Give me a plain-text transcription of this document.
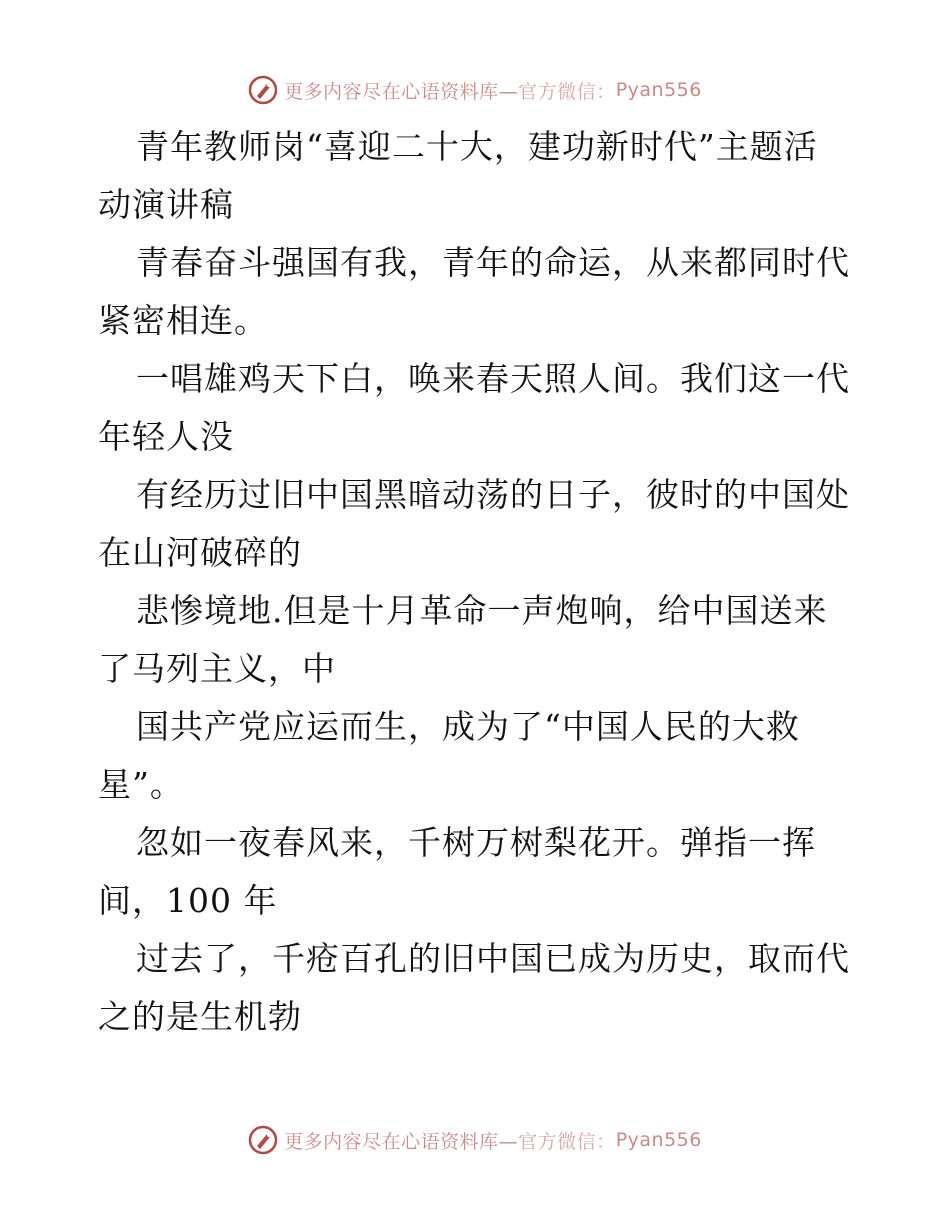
更多内容尽在心语资料库— 官方微信： Pyan556

青年教师岗“喜迎二十大，建功新时代”主题活
动演讲稿

青春奋斗强国有我，青年的命运，从来都同时代
紧密相连。

一唱雄鸡天下白，唤来春天照人间。我们这一代
年轻人没

有经历过旧中国黑暗动荡的日子，彼时的中国处
在山河破碎的

悲惨境地.但是十月革命一声炮响，给中国送来
了马列主义，中

国共产党应运而生，成为了“中国人民的大救
星”。

忽如一夜春风来，千树万树梨花开。弹指一挥
间，100 年

过去了，千疮百孔的旧中国已成为历史，取而代
之的是生机勃

更多内容尽在心语资料库— 官方微信： Pyan556
